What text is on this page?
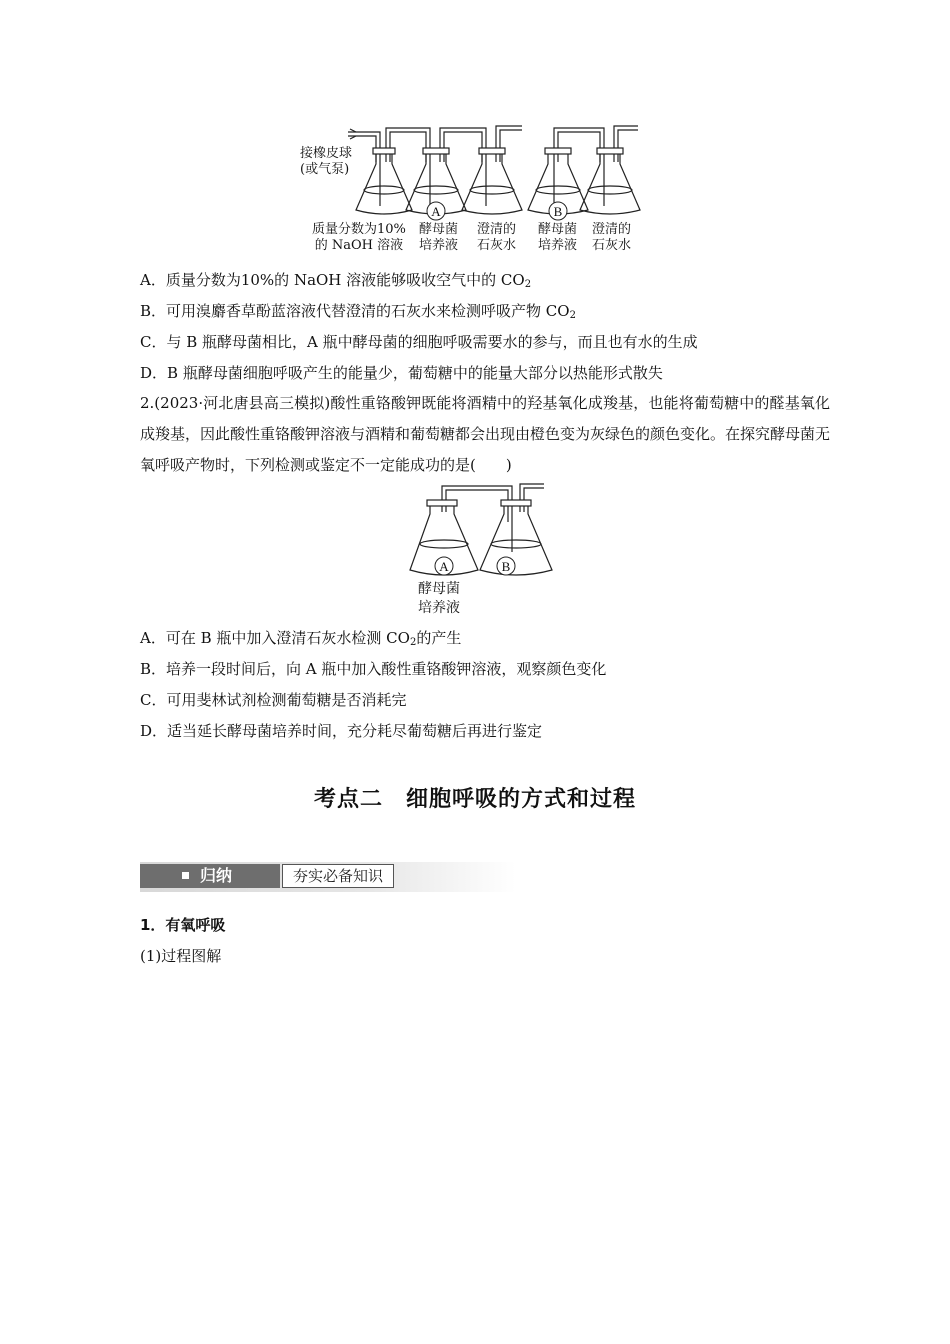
A	B
接橡皮球
(或气泵)
质量分数为10%
的 NaOH 溶液
酵母菌
培养液
澄清的
石灰水
酵母菌
培养液
澄清的
石灰水
A．质量分数为10%的 NaOH 溶液能够吸收空气中的 $CO_2$
B．可用溴麝香草酚蓝溶液代替澄清的石灰水来检测呼吸产物 $CO_2$
C．与 B 瓶酵母菌相比，A 瓶中酵母菌的细胞呼吸需要水的参与，而且也有水的生成
D．B 瓶酵母菌细胞呼吸产生的能量少，葡萄糖中的能量大部分以热能形式散失
2.(2023·河北唐县高三模拟)酸性重铬酸钾既能将酒精中的羟基氧化成羧基，也能将葡萄糖中的醛基氧化成羧基，因此酸性重铬酸钾溶液与酒精和葡萄糖都会出现由橙色变为灰绿色的颜色变化。在探究酵母菌无氧呼吸产物时，下列检测或鉴定不一定能成功的是(　　)
A	B
酵母菌
培养液
A．可在 B 瓶中加入澄清石灰水检测 $CO_2$的产生
B．培养一段时间后，向 A 瓶中加入酸性重铬酸钾溶液，观察颜色变化
C．可用斐林试剂检测葡萄糖是否消耗完
D．适当延长酵母菌培养时间，充分耗尽葡萄糖后再进行鉴定
考点二　细胞呼吸的方式和过程
归纳	夯实必备知识
1．有氧呼吸
(1)过程图解
